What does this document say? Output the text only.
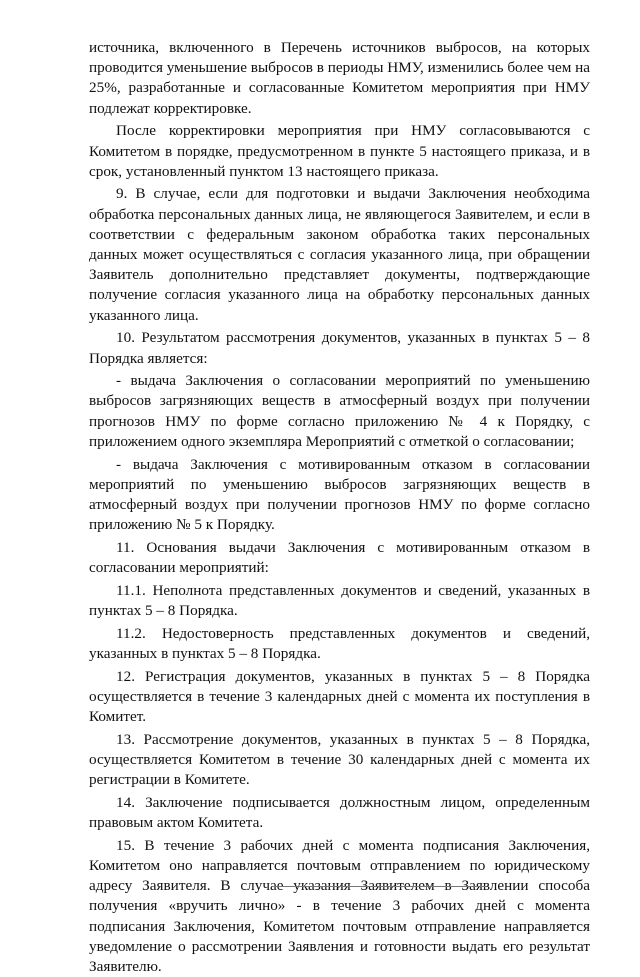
источника, включенного в Перечень источников выбросов, на которых проводится уменьшение выбросов в периоды НМУ, изменились более чем на 25%, разработанные и согласованные Комитетом мероприятия при НМУ подлежат корректировке.

После корректировки мероприятия при НМУ согласовываются с Комитетом в порядке, предусмотренном в пункте 5 настоящего приказа, и в срок, установленный пунктом 13 настоящего приказа.

9. В случае, если для подготовки и выдачи Заключения необходима обработка персональных данных лица, не являющегося Заявителем, и если в соответствии с федеральным законом обработка таких персональных данных может осуществляться с согласия указанного лица, при обращении Заявитель дополнительно представляет документы, подтверждающие получение согласия указанного лица на обработку персональных данных указанного лица.

10. Результатом рассмотрения документов, указанных в пунктах 5 – 8 Порядка является:

- выдача Заключения о согласовании мероприятий по уменьшению выбросов загрязняющих веществ в атмосферный воздух при получении прогнозов НМУ по форме согласно приложению № 4 к Порядку, с приложением одного экземпляра Мероприятий с отметкой о согласовании;

- выдача Заключения с мотивированным отказом в согласовании мероприятий по уменьшению выбросов загрязняющих веществ в атмосферный воздух при получении прогнозов НМУ по форме согласно приложению № 5 к Порядку.

11. Основания выдачи Заключения с мотивированным отказом в согласовании мероприятий:

11.1. Неполнота представленных документов и сведений, указанных в пунктах 5 – 8 Порядка.

11.2. Недостоверность представленных документов и сведений, указанных в пунктах 5 – 8 Порядка.

12. Регистрация документов, указанных в пунктах 5 – 8 Порядка осуществляется в течение 3 календарных дней с момента их поступления в Комитет.

13. Рассмотрение документов, указанных в пунктах 5 – 8 Порядка, осуществляется Комитетом в течение 30 календарных дней с момента их регистрации в Комитете.

14. Заключение подписывается должностным лицом, определенным правовым актом Комитета.

15. В течение 3 рабочих дней с момента подписания Заключения, Комитетом оно направляется почтовым отправлением по юридическому адресу Заявителя. В случае указания Заявителем в Заявлении способа получения «вручить лично» - в течение 3 рабочих дней с момента подписания Заключения, Комитетом почтовым отправление направляется уведомление о рассмотрении Заявления и готовности выдать его результат Заявителю.
